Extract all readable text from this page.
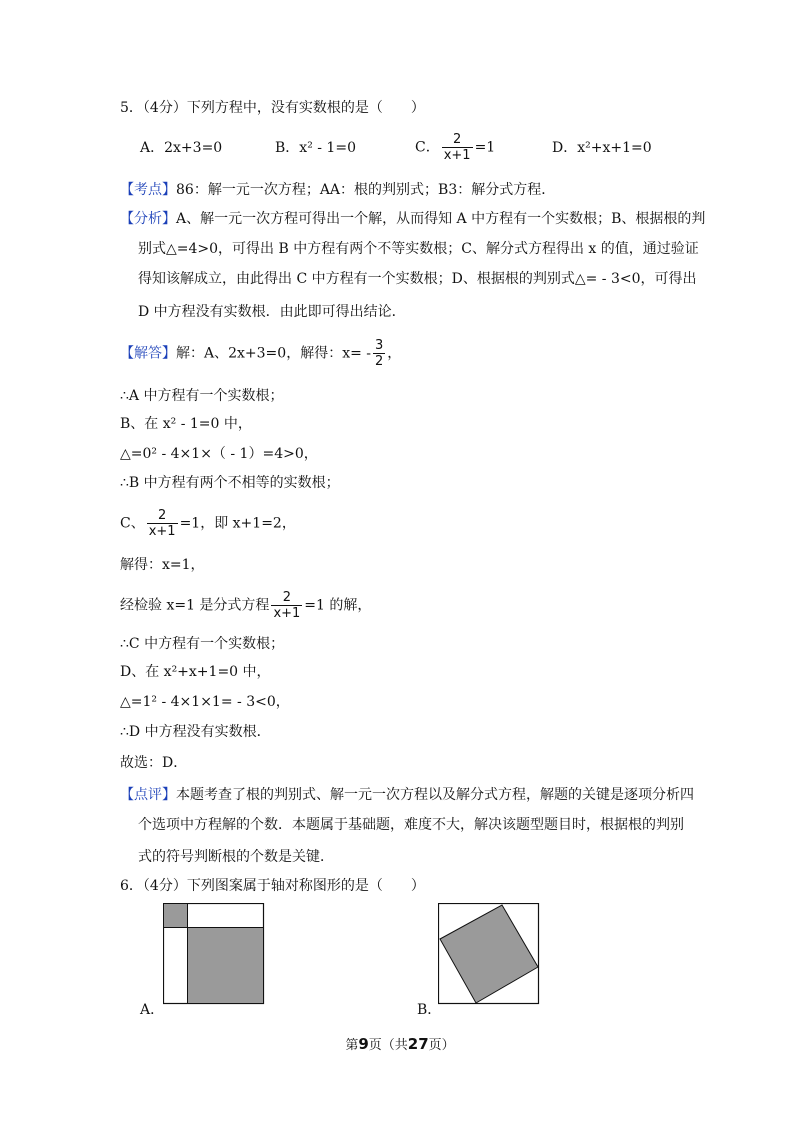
5．（4分）下列方程中，没有实数根的是（　　）
A．2x+3=0	B．x² - 1=0	C． $\frac{2}{x+1} =1$	D．x²+x+1=0
【考点】86：解一元一次方程；AA：根的判别式；B3：解分式方程．
【分析】A、解一元一次方程可得出一个解，从而得知 A 中方程有一个实数根；B、根据根的判
别式△=4>0，可得出 B 中方程有两个不等实数根；C、解分式方程得出 x 的值，通过验证
得知该解成立，由此得出 C 中方程有一个实数根；D、根据根的判别式△= - 3<0，可得出
D 中方程没有实数根．由此即可得出结论．
【解答】解：A、2x+3=0，解得：$x= - \frac{3}{2}$ ，
∴A 中方程有一个实数根；
B、在 x² - 1=0 中，
△=0² - 4×1×（ - 1）=4>0，
∴B 中方程有两个不相等的实数根；
C、 $\frac{2}{x+1} =1$，即 x+1=2，
解得：x=1，
经检验 x=1 是分式方程 $\frac{2}{x+1} =1$ 的解，
∴C 中方程有一个实数根；
D、在 x²+x+1=0 中，
△=1² - 4×1×1= - 3<0，
∴D 中方程没有实数根．
故选：D．
【点评】本题考查了根的判别式、解一元一次方程以及解分式方程，解题的关键是逐项分析四
个选项中方程解的个数．本题属于基础题，难度不大，解决该题型题目时，根据根的判别
式的符号判断根的个数是关键．
6．（4分）下列图案属于轴对称图形的是（　　）
A．	B．
第9页（共27页）
